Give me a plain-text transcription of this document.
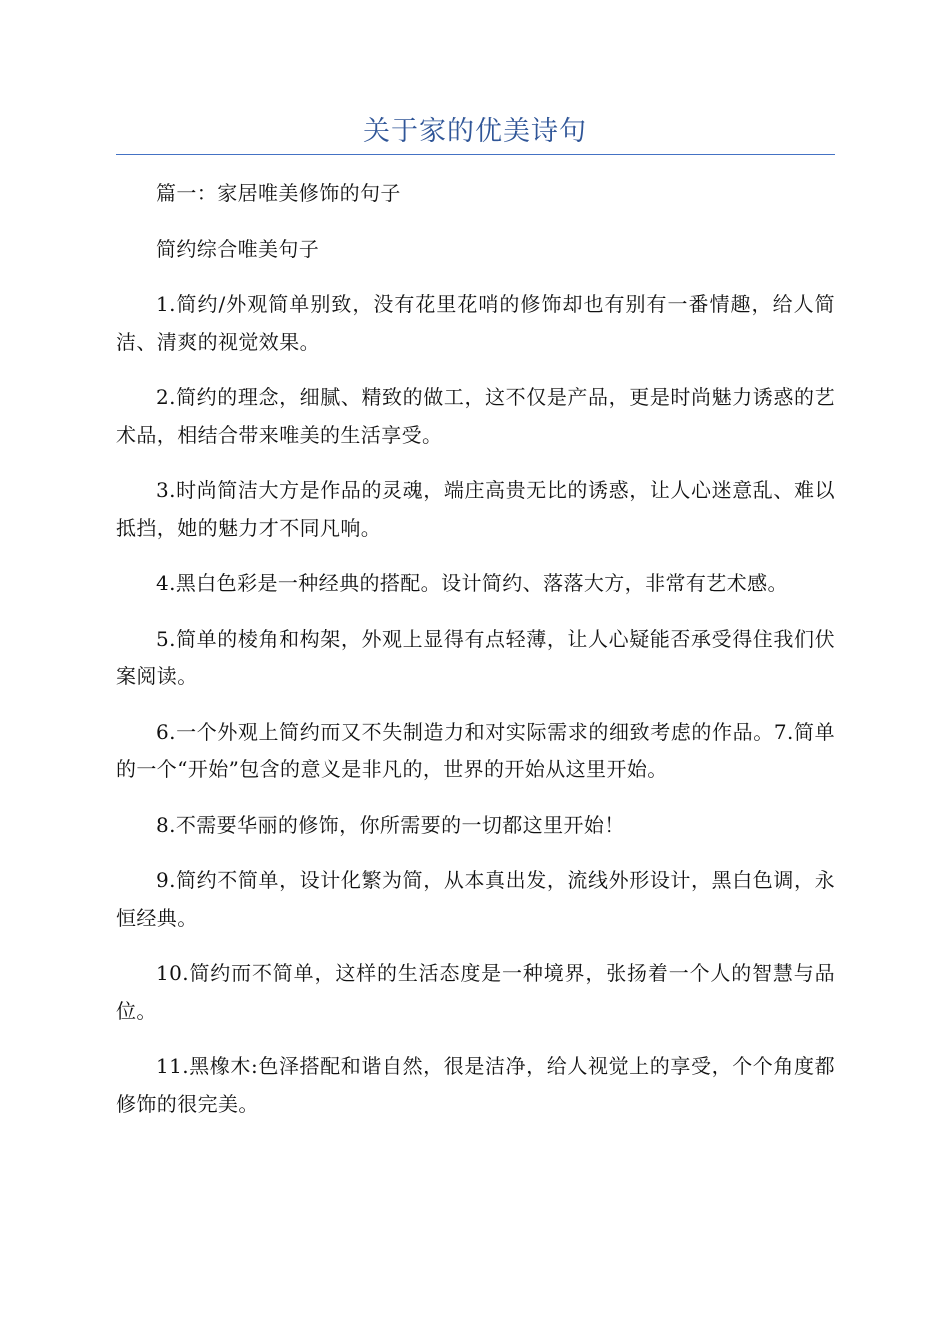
关于家的优美诗句

篇一：家居唯美修饰的句子

简约综合唯美句子

1.简约/外观简单别致，没有花里花哨的修饰却也有别有一番情趣，给人简洁、清爽的视觉效果。

2.简约的理念，细腻、精致的做工，这不仅是产品，更是时尚魅力诱惑的艺术品，相结合带来唯美的生活享受。

3.时尚简洁大方是作品的灵魂，端庄高贵无比的诱惑，让人心迷意乱、难以抵挡，她的魅力才不同凡响。

4.黑白色彩是一种经典的搭配。设计简约、落落大方，非常有艺术感。

5.简单的棱角和构架，外观上显得有点轻薄，让人心疑能否承受得住我们伏案阅读。

6.一个外观上简约而又不失制造力和对实际需求的细致考虑的作品。7.简单的一个“开始”包含的意义是非凡的，世界的开始从这里开始。

8.不需要华丽的修饰，你所需要的一切都这里开始！

9.简约不简单，设计化繁为简，从本真出发，流线外形设计，黑白色调，永恒经典。

10.简约而不简单，这样的生活态度是一种境界，张扬着一个人的智慧与品位。

11.黑橡木:色泽搭配和谐自然，很是洁净，给人视觉上的享受，个个角度都修饰的很完美。
